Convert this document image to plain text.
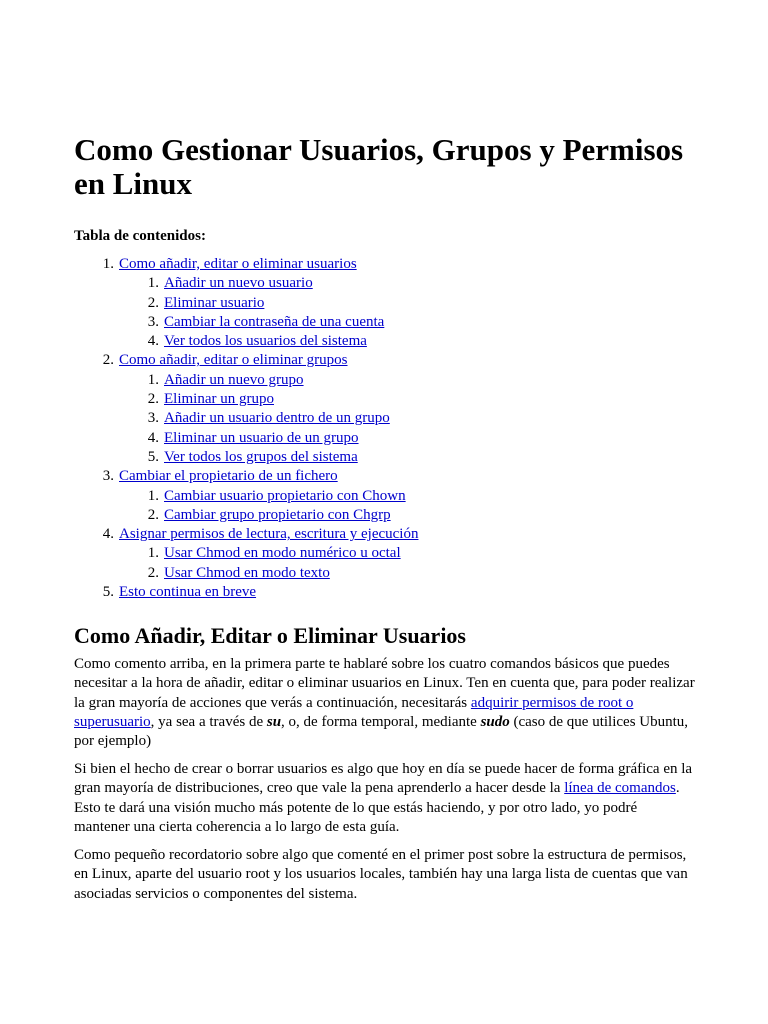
Como Gestionar Usuarios, Grupos y Permisos en Linux

Tabla de contenidos:

1. Como añadir, editar o eliminar usuarios
1. Añadir un nuevo usuario
2. Eliminar usuario
3. Cambiar la contraseña de una cuenta
4. Ver todos los usuarios del sistema
2. Como añadir, editar o eliminar grupos
1. Añadir un nuevo grupo
2. Eliminar un grupo
3. Añadir un usuario dentro de un grupo
4. Eliminar un usuario de un grupo
5. Ver todos los grupos del sistema
3. Cambiar el propietario de un fichero
1. Cambiar usuario propietario con Chown
2. Cambiar grupo propietario con Chgrp
4. Asignar permisos de lectura, escritura y ejecución
1. Usar Chmod en modo numérico u octal
2. Usar Chmod en modo texto
5. Esto continua en breve
Como Añadir, Editar o Eliminar Usuarios

Como comento arriba, en la primera parte te hablaré sobre los cuatro comandos básicos que puedes necesitar a la hora de añadir, editar o eliminar usuarios en Linux. Ten en cuenta que, para poder realizar la gran mayoría de acciones que verás a continuación, necesitarás adquirir permisos de root o superusuario, ya sea a través de su, o, de forma temporal, mediante sudo (caso de que utilices Ubuntu, por ejemplo)

Si bien el hecho de crear o borrar usuarios es algo que hoy en día se puede hacer de forma gráfica en la gran mayoría de distribuciones, creo que vale la pena aprenderlo a hacer desde la línea de comandos. Esto te dará una visión mucho más potente de lo que estás haciendo, y por otro lado, yo podré mantener una cierta coherencia a lo largo de esta guía.

Como pequeño recordatorio sobre algo que comenté en el primer post sobre la estructura de permisos, en Linux, aparte del usuario root y los usuarios locales, también hay una larga lista de cuentas que van asociadas servicios o componentes del sistema.
